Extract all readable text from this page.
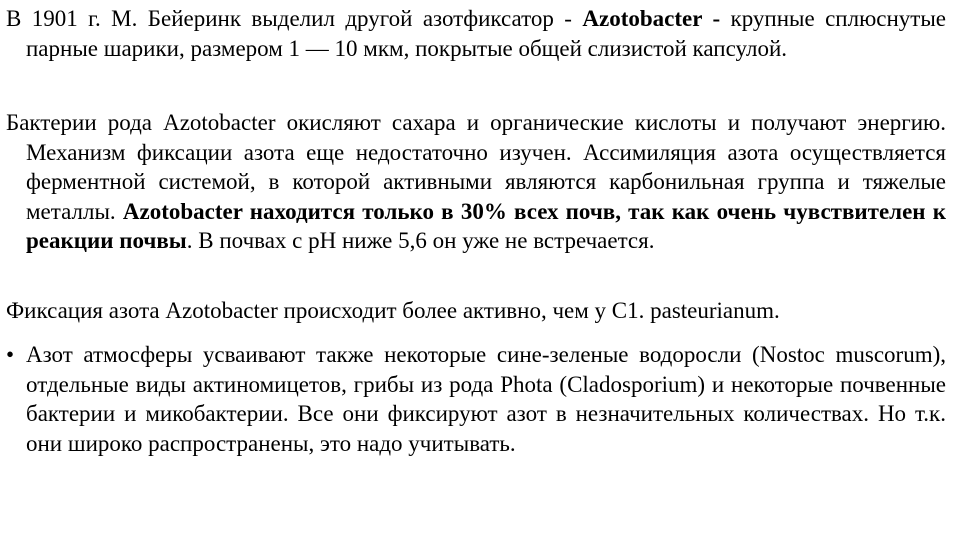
В 1901 г. М. Бейеринк выделил другой азотфиксатор - Azotobacter - крупные сплюснутые парные шарики, размером 1 — 10 мкм, покрытые общей слизистой капсулой.

Бактерии рода Azotobacter окисляют сахара и органические кислоты и получают энергию. Механизм фиксации азота еще недостаточно изучен. Ассимиляция азота осуществляется ферментной системой, в которой активными являются карбонильная группа и тяжелые металлы. Azotobacter находится только в 30% всех почв, так как очень чувствителен к реакции почвы. В почвах с рН ниже 5,6 он уже не встречается.

Фиксация азота Azotobacter происходит более активно, чем у С1. pasteurianum.

• Азот атмосферы усваивают также некоторые сине-зеленые водоросли (Nostoc muscorum), отдельные виды актиномицетов, грибы из рода Phota (Cladosporium) и некоторые почвенные бактерии и микобактерии. Все они фиксируют азот в незначительных количествах. Но т.к. они широко распространены, это надо учитывать.
